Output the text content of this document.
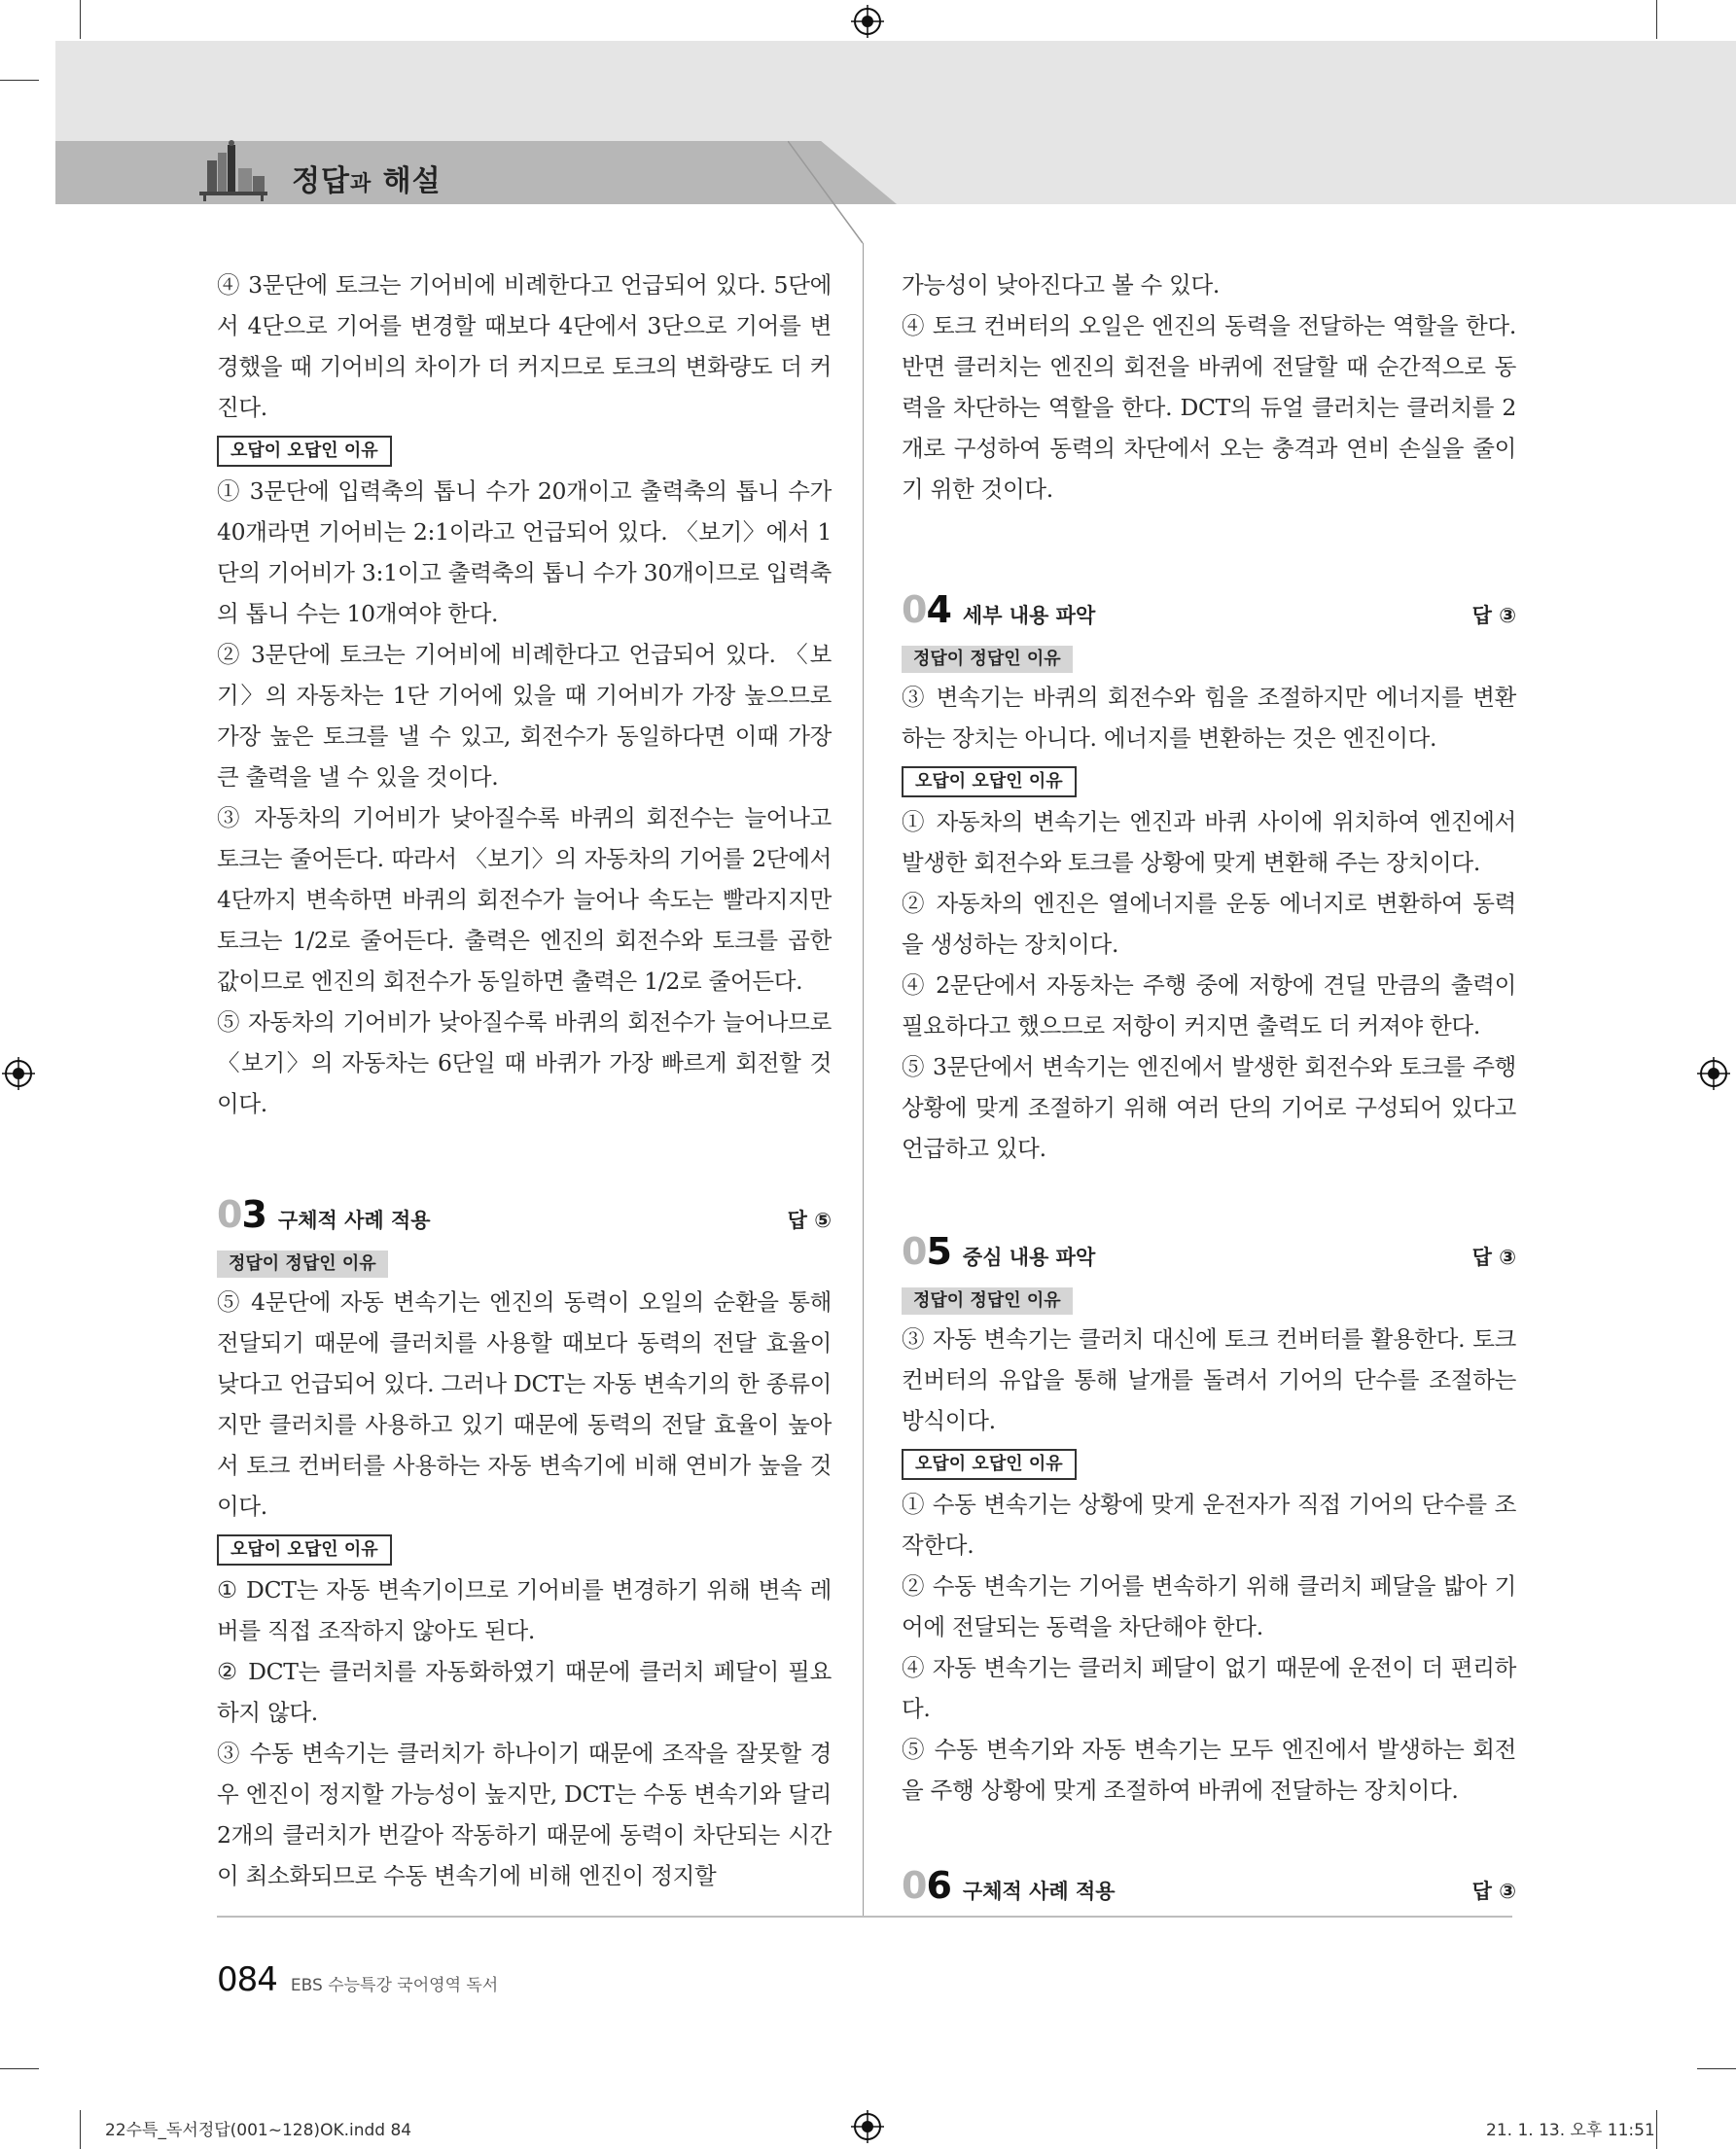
정답과 해설
④ 3문단에 토크는 기어비에 비례한다고 언급되어 있다. 5단에서 4단으로 기어를 변경할 때보다 4단에서 3단으로 기어를 변경했을 때 기어비의 차이가 더 커지므로 토크의 변화량도 더 커진다.
오답이 오답인 이유
① 3문단에 입력축의 톱니 수가 20개이고 출력축의 톱니 수가 40개라면 기어비는 2:1이라고 언급되어 있다. 〈보기〉에서 1단의 기어비가 3:1이고 출력축의 톱니 수가 30개이므로 입력축의 톱니 수는 10개여야 한다.
② 3문단에 토크는 기어비에 비례한다고 언급되어 있다. 〈보기〉의 자동차는 1단 기어에 있을 때 기어비가 가장 높으므로 가장 높은 토크를 낼 수 있고, 회전수가 동일하다면 이때 가장 큰 출력을 낼 수 있을 것이다.
③ 자동차의 기어비가 낮아질수록 바퀴의 회전수는 늘어나고 토크는 줄어든다. 따라서 〈보기〉의 자동차의 기어를 2단에서 4단까지 변속하면 바퀴의 회전수가 늘어나 속도는 빨라지지만 토크는 1/2로 줄어든다. 출력은 엔진의 회전수와 토크를 곱한 값이므로 엔진의 회전수가 동일하면 출력은 1/2로 줄어든다.
⑤ 자동차의 기어비가 낮아질수록 바퀴의 회전수가 늘어나므로 〈보기〉의 자동차는 6단일 때 바퀴가 가장 빠르게 회전할 것이다.
03 구체적 사례 적용	답 ⑤
정답이 정답인 이유
⑤ 4문단에 자동 변속기는 엔진의 동력이 오일의 순환을 통해 전달되기 때문에 클러치를 사용할 때보다 동력의 전달 효율이 낮다고 언급되어 있다. 그러나 DCT는 자동 변속기의 한 종류이지만 클러치를 사용하고 있기 때문에 동력의 전달 효율이 높아서 토크 컨버터를 사용하는 자동 변속기에 비해 연비가 높을 것이다.
오답이 오답인 이유
① DCT는 자동 변속기이므로 기어비를 변경하기 위해 변속 레버를 직접 조작하지 않아도 된다.
② DCT는 클러치를 자동화하였기 때문에 클러치 페달이 필요하지 않다.
③ 수동 변속기는 클러치가 하나이기 때문에 조작을 잘못할 경우 엔진이 정지할 가능성이 높지만, DCT는 수동 변속기와 달리 2개의 클러치가 번갈아 작동하기 때문에 동력이 차단되는 시간이 최소화되므로 수동 변속기에 비해 엔진이 정지할
가능성이 낮아진다고 볼 수 있다.
④ 토크 컨버터의 오일은 엔진의 동력을 전달하는 역할을 한다. 반면 클러치는 엔진의 회전을 바퀴에 전달할 때 순간적으로 동력을 차단하는 역할을 한다. DCT의 듀얼 클러치는 클러치를 2개로 구성하여 동력의 차단에서 오는 충격과 연비 손실을 줄이기 위한 것이다.
04 세부 내용 파악	답 ③
정답이 정답인 이유
③ 변속기는 바퀴의 회전수와 힘을 조절하지만 에너지를 변환하는 장치는 아니다. 에너지를 변환하는 것은 엔진이다.
오답이 오답인 이유
① 자동차의 변속기는 엔진과 바퀴 사이에 위치하여 엔진에서 발생한 회전수와 토크를 상황에 맞게 변환해 주는 장치이다.
② 자동차의 엔진은 열에너지를 운동 에너지로 변환하여 동력을 생성하는 장치이다.
④ 2문단에서 자동차는 주행 중에 저항에 견딜 만큼의 출력이 필요하다고 했으므로 저항이 커지면 출력도 더 커져야 한다.
⑤ 3문단에서 변속기는 엔진에서 발생한 회전수와 토크를 주행 상황에 맞게 조절하기 위해 여러 단의 기어로 구성되어 있다고 언급하고 있다.
05 중심 내용 파악	답 ③
정답이 정답인 이유
③ 자동 변속기는 클러치 대신에 토크 컨버터를 활용한다. 토크 컨버터의 유압을 통해 날개를 돌려서 기어의 단수를 조절하는 방식이다.
오답이 오답인 이유
① 수동 변속기는 상황에 맞게 운전자가 직접 기어의 단수를 조작한다.
② 수동 변속기는 기어를 변속하기 위해 클러치 페달을 밟아 기어에 전달되는 동력을 차단해야 한다.
④ 자동 변속기는 클러치 페달이 없기 때문에 운전이 더 편리하다.
⑤ 수동 변속기와 자동 변속기는 모두 엔진에서 발생하는 회전을 주행 상황에 맞게 조절하여 바퀴에 전달하는 장치이다.
06 구체적 사례 적용	답 ③
084 EBS 수능특강 국어영역 독서
22수특_독서정답(001~128)OK.indd 84	21. 1. 13. 오후 11:51
